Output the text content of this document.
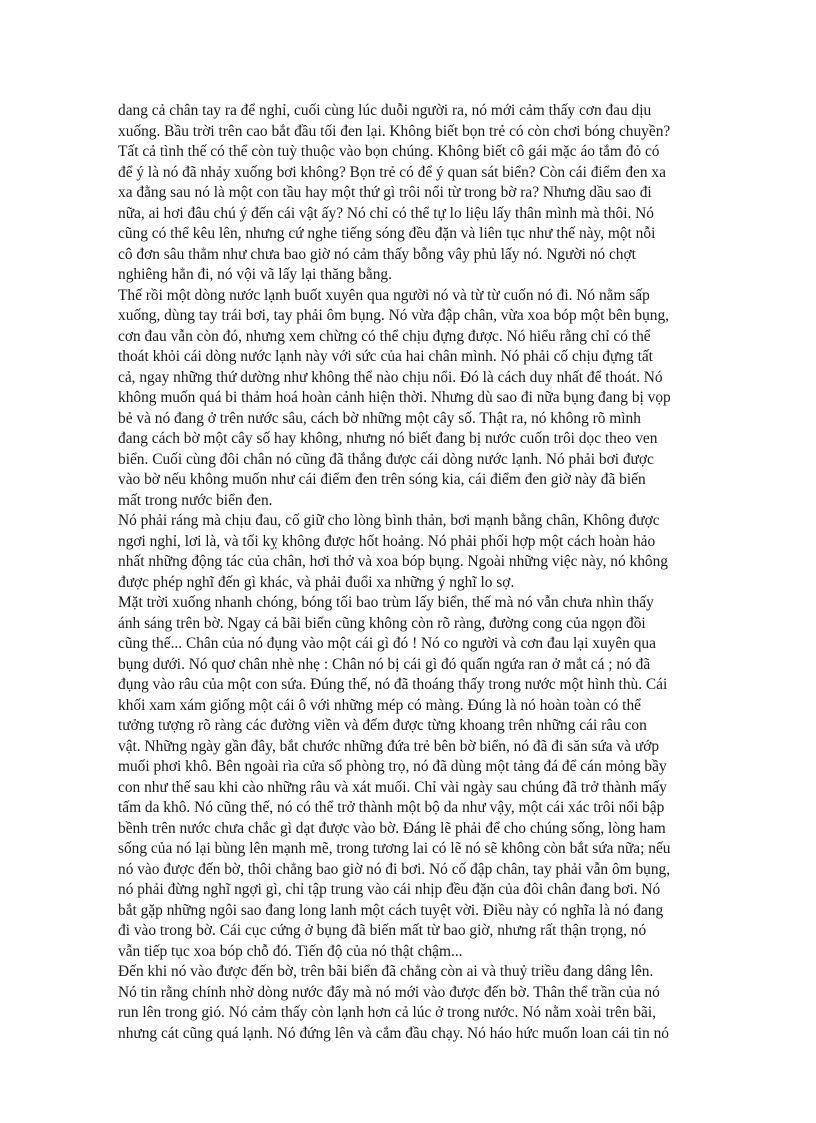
dang cả chân tay ra để nghỉ, cuối cùng lúc duỗi người ra, nó mới cảm thấy cơn đau dịu
xuống. Bầu trời trên cao bắt đầu tối đen lại. Không biết bọn trẻ có còn chơi bóng chuyền?
Tất cả tình thế có thể còn tuỳ thuộc vào bọn chúng. Không biết cô gái mặc áo tắm đỏ có
để ý là nó đã nhảy xuống bơi không? Bọn trẻ có để ý quan sát biển? Còn cái điểm đen xa
xa đằng sau nó là một con tầu hay một thứ gì trôi nổi từ trong bờ ra? Nhưng dầu sao đi
nữa, ai hơi đâu chú ý đến cái vật ấy? Nó chỉ có thể tự lo liệu lấy thân mình mà thôi. Nó
cũng có thể kêu lên, nhưng cứ nghe tiếng sóng đều đặn và liên tục như thế này, một nỗi
cô đơn sâu thẳm như chưa bao giờ nó cảm thấy bỗng vây phủ lấy nó. Người nó chợt
nghiêng hẳn đi, nó vội vã lấy lại thăng bằng.
Thế rồi một dòng nước lạnh buốt xuyên qua người nó và từ từ cuốn nó đi. Nó nằm sấp
xuống, dùng tay trái bơi, tay phải ôm bụng. Nó vừa đập chân, vừa xoa bóp một bên bụng,
cơn đau vẫn còn đó, nhưng xem chừng có thể chịu đựng được. Nó hiểu rằng chỉ có thể
thoát khỏi cái dòng nước lạnh này với sức của hai chân mình. Nó phải cố chịu đựng tất
cả, ngay những thứ dường như không thể nào chịu nổi. Đó là cách duy nhất để thoát. Nó
không muốn quá bi thảm hoá hoàn cảnh hiện thời. Nhưng dù sao đi nữa bụng đang bị vọp
bẻ và nó đang ở trên nước sâu, cách bờ những một cây số. Thật ra, nó không rõ mình
đang cách bờ một cây số hay không, nhưng nó biết đang bị nước cuốn trôi dọc theo ven
biển. Cuối cùng đôi chân nó cũng đã thắng được cái dòng nước lạnh. Nó phải bơi được
vào bờ nếu không muốn như cái điểm đen trên sóng kia, cái điểm đen giờ này đã biến
mất trong nước biển đen.
Nó phải ráng mà chịu đau, cố giữ cho lòng bình thản, bơi mạnh bằng chân, Không được
ngơi nghỉ, lơi là, và tối kỵ không được hốt hoảng. Nó phải phối hợp một cách hoàn hảo
nhất những động tác của chân, hơi thở và xoa bóp bụng. Ngoài những việc này, nó không
được phép nghĩ đến gì khác, và phải đuổi xa những ý nghĩ lo sợ.
Mặt trời xuống nhanh chóng, bóng tối bao trùm lấy biển, thế mà nó vẫn chưa nhìn thấy
ánh sáng trên bờ. Ngay cả bãi biển cũng không còn rõ ràng, đường cong của ngọn đồi
cũng thế... Chân của nó đụng vào một cái gì đó ! Nó co người và cơn đau lại xuyên qua
bụng dưới. Nó quơ chân nhè nhẹ : Chân nó bị cái gì đó quấn ngứa ran ở mắt cá ; nó đã
đụng vào râu của một con sứa. Đúng thế, nó đã thoáng thấy trong nước một hình thù. Cái
khối xam xám giống một cái ô với những mép có màng. Đúng là nó hoàn toàn có thể
tưởng tượng rõ ràng các đường viền và đếm được từng khoang trên những cái râu con
vật. Những ngày gần đây, bắt chước những đứa trẻ bên bờ biển, nó đã đi săn sứa và ướp
muối phơi khô. Bên ngoài rìa cửa sổ phòng trọ, nó đã dùng một tảng đá để cán mỏng bầy
con như thế sau khi cào những râu và xát muối. Chỉ vài ngày sau chúng đã trở thành mấy
tấm da khô. Nó cũng thế, nó có thể trở thành một bộ da như vậy, một cái xác trôi nổi bập
bềnh trên nước chưa chắc gì dạt được vào bờ. Đáng lẽ phải để cho chúng sống, lòng ham
sống của nó lại bùng lên mạnh mẽ, trong tương lai có lẽ nó sẽ không còn bắt sứa nữa; nếu
nó vào được đến bờ, thôi chẳng bao giờ nó đi bơi. Nó cố đập chân, tay phải vẫn ôm bụng,
nó phải đừng nghĩ ngợi gì, chỉ tập trung vào cái nhịp đều đặn của đôi chân đang bơi. Nó
bắt gặp những ngôi sao đang long lanh một cách tuyệt vời. Điều này có nghĩa là nó đang
đi vào trong bờ. Cái cục cứng ở bụng đã biến mất từ bao giờ, nhưng rất thận trọng, nó
vẫn tiếp tục xoa bóp chỗ đó. Tiến độ của nó thật chậm...
Đến khi nó vào được đến bờ, trên bãi biển đã chẳng còn ai và thuỷ triều đang dâng lên.
Nó tin rằng chính nhờ dòng nước đẩy mà nó mới vào được đến bờ. Thân thể trần của nó
run lên trong gió. Nó cảm thấy còn lạnh hơn cả lúc ở trong nước. Nó nằm xoài trên bãi,
nhưng cát cũng quá lạnh. Nó đứng lên và cắm đầu chạy. Nó háo hức muốn loan cái tin nó
